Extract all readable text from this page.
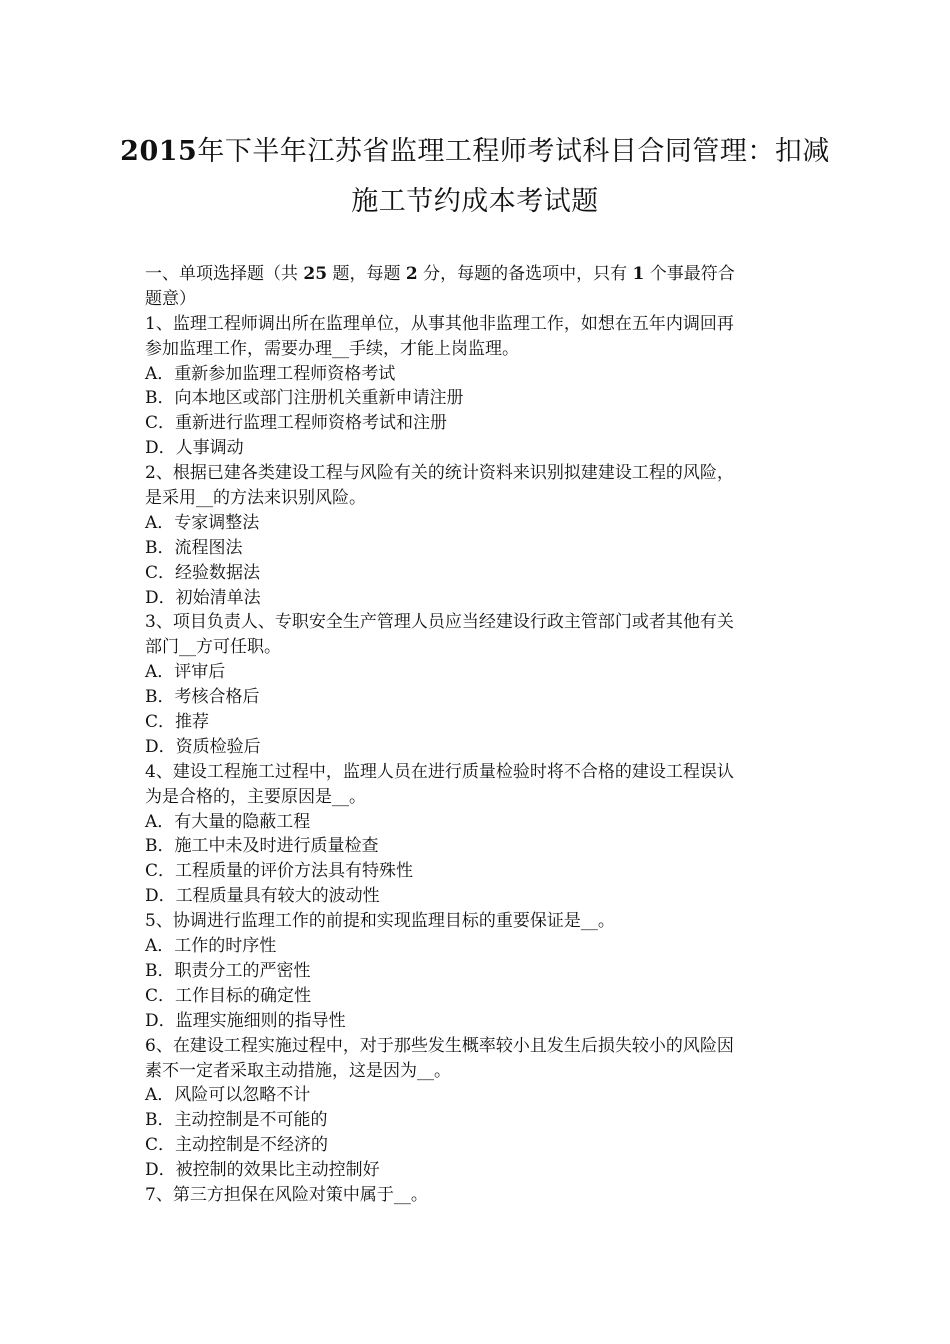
2015年下半年江苏省监理工程师考试科目合同管理：扣减
施工节约成本考试题
一、单项选择题（共 25 题，每题 2 分，每题的备选项中，只有 1 个事最符合
题意）
1、监理工程师调出所在监理单位，从事其他非监理工作，如想在五年内调回再
参加监理工作，需要办理__手续，才能上岗监理。
A．重新参加监理工程师资格考试
B．向本地区或部门注册机关重新申请注册
C．重新进行监理工程师资格考试和注册
D．人事调动
2、根据已建各类建设工程与风险有关的统计资料来识别拟建建设工程的风险，
是采用__的方法来识别风险。
A．专家调整法
B．流程图法
C．经验数据法
D．初始清单法
3、项目负责人、专职安全生产管理人员应当经建设行政主管部门或者其他有关
部门__方可任职。
A．评审后
B．考核合格后
C．推荐
D．资质检验后
4、建设工程施工过程中，监理人员在进行质量检验时将不合格的建设工程误认
为是合格的，主要原因是__。
A．有大量的隐蔽工程
B．施工中未及时进行质量检查
C．工程质量的评价方法具有特殊性
D．工程质量具有较大的波动性
5、协调进行监理工作的前提和实现监理目标的重要保证是__。
A．工作的时序性
B．职责分工的严密性
C．工作目标的确定性
D．监理实施细则的指导性
6、在建设工程实施过程中，对于那些发生概率较小且发生后损失较小的风险因
素不一定者采取主动措施，这是因为__。
A．风险可以忽略不计
B．主动控制是不可能的
C．主动控制是不经济的
D．被控制的效果比主动控制好
7、第三方担保在风险对策中属于__。
